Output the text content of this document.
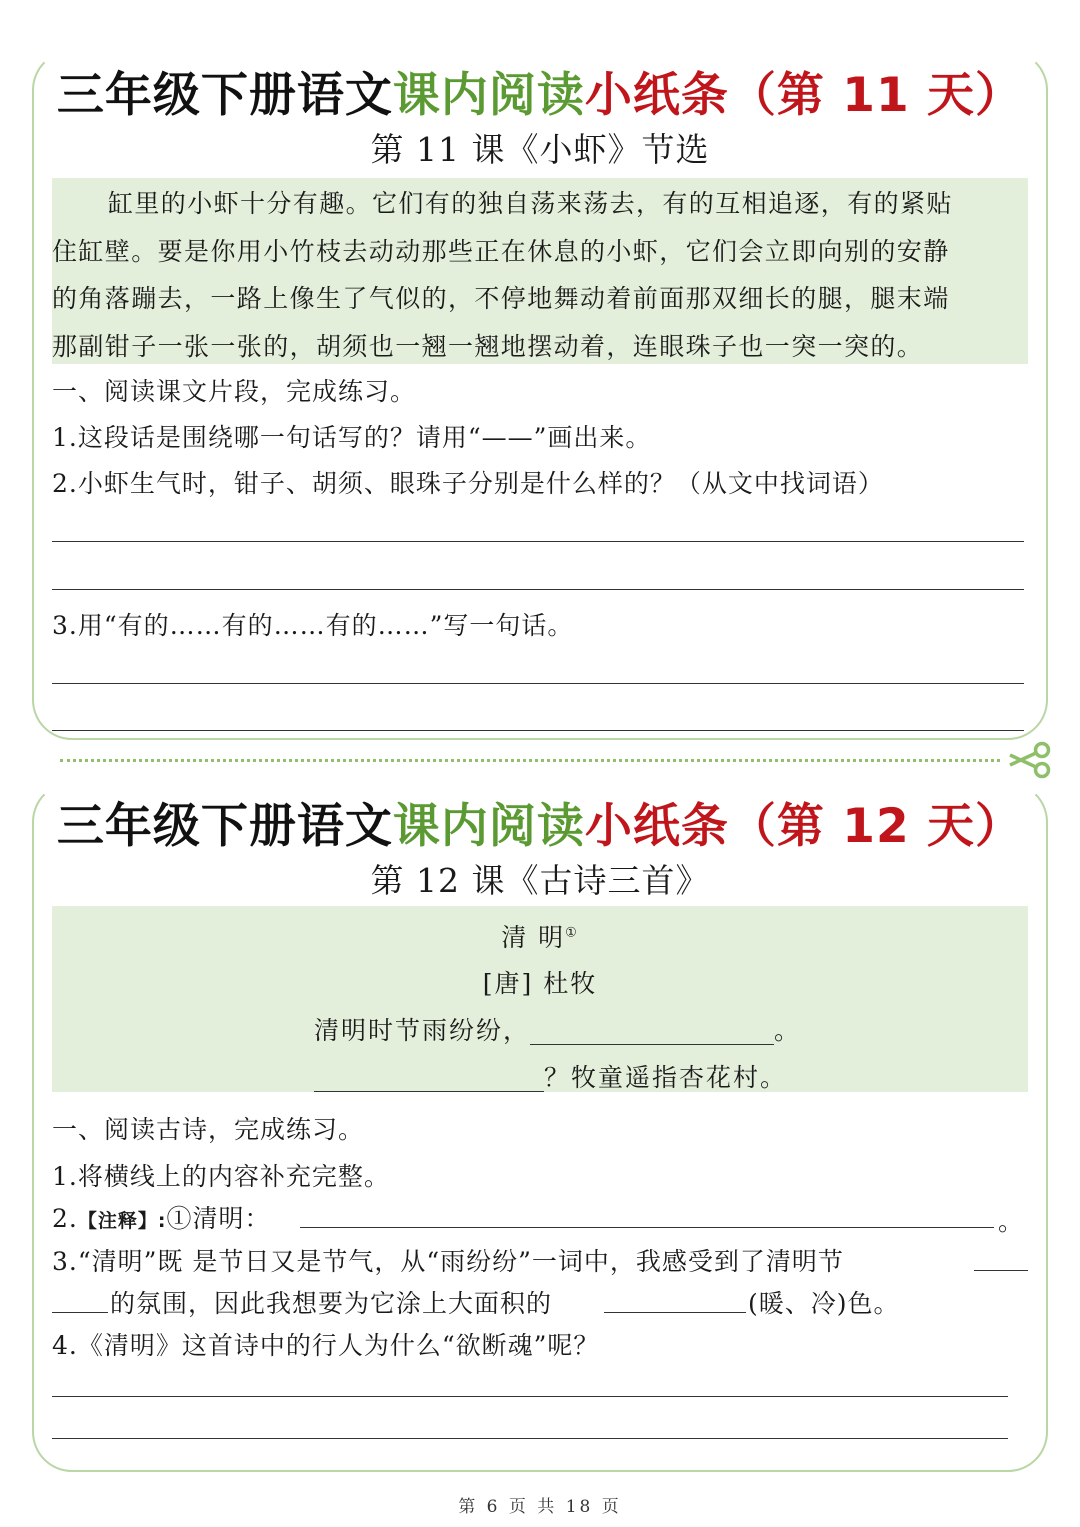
三年级下册语文课内阅读小纸条（第 11 天）
第 11 课《小虾》节选

缸里的小虾十分有趣。它们有的独自荡来荡去，有的互相追逐，有的紧贴

住缸壁。要是你用小竹枝去动动那些正在休息的小虾，它们会立即向别的安静

的角落蹦去，一路上像生了气似的，不停地舞动着前面那双细长的腿，腿末端

那副钳子一张一张的，胡须也一翘一翘地摆动着，连眼珠子也一突一突的。

一、阅读课文片段，完成练习。
1.这段话是围绕哪一句话写的？请用“——”画出来。
2.小虾生气时，钳子、胡须、眼珠子分别是什么样的？（从文中找词语）
3.用“有的……有的……有的……”写一句话。
三年级下册语文课内阅读小纸条（第 12 天）
第 12 课《古诗三首》
清 明①
[唐] 杜牧
清明时节雨纷纷，	。
？牧童遥指杏花村。
一、阅读古诗，完成练习。
1.将横线上的内容补充完整。
2.【注释】:①清明：	。
3.“清明”既 是节日又是节气，从“雨纷纷”一词中，我感受到了清明节
的氛围，因此我想要为它涂上大面积的	(暖、冷)色。
4.《清明》这首诗中的行人为什么“欲断魂”呢？
第 6 页 共 18 页
